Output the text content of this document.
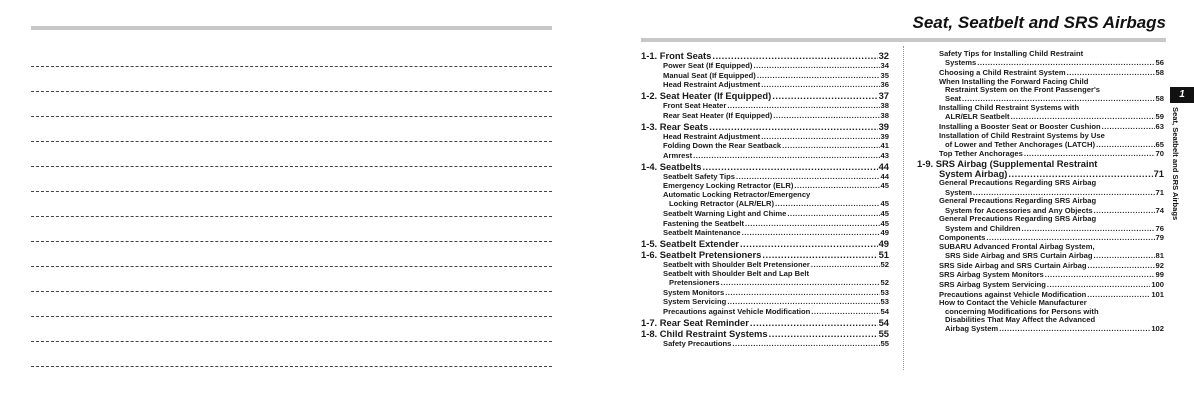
Seat, Seatbelt and SRS Airbags
1-1. Front Seats .....	32
Power Seat (If Equipped) .....	34
Manual Seat (If Equipped) .....	35
Head Restraint Adjustment .....	36
1-2. Seat Heater (If Equipped) .....	37
Front Seat Heater .....	38
Rear Seat Heater (If Equipped) .....	38
1-3. Rear Seats .....	39
Head Restraint Adjustment .....	39
Folding Down the Rear Seatback .....	41
Armrest .....	43
1-4. Seatbelts .....	44
Seatbelt Safety Tips .....	44
Emergency Locking Retractor (ELR) .....	45
Automatic Locking Retractor/Emergency
Locking Retractor (ALR/ELR) .....	45
Seatbelt Warning Light and Chime .....	45
Fastening the Seatbelt .....	45
Seatbelt Maintenance .....	49
1-5. Seatbelt Extender .....	49
1-6. Seatbelt Pretensioners .....	51
Seatbelt with Shoulder Belt Pretensioner .....	52
Seatbelt with Shoulder Belt and Lap Belt
Pretensioners .....	52
System Monitors .....	53
System Servicing .....	53
Precautions against Vehicle Modification .....	54
1-7. Rear Seat Reminder .....	54
1-8. Child Restraint Systems .....	55
Safety Precautions .....	55
Safety Tips for Installing Child Restraint
Systems .....	56
Choosing a Child Restraint System .....	58
When Installing the Forward Facing Child
Restraint System on the Front Passenger's
Seat .....	58
Installing Child Restraint Systems with
ALR/ELR Seatbelt .....	59
Installing a Booster Seat or Booster Cushion .....	63
Installation of Child Restraint Systems by Use
of Lower and Tether Anchorages (LATCH) .....	65
Top Tether Anchorages .....	70
1-9. SRS Airbag (Supplemental Restraint
System Airbag) .....	71
General Precautions Regarding SRS Airbag
System .....	71
General Precautions Regarding SRS Airbag
System for Accessories and Any Objects .....	74
General Precautions Regarding SRS Airbag
System and Children .....	76
Components .....	79
SUBARU Advanced Frontal Airbag System,
SRS Side Airbag and SRS Curtain Airbag .....	81
SRS Side Airbag and SRS Curtain Airbag .....	92
SRS Airbag System Monitors .....	99
SRS Airbag System Servicing .....	100
Precautions against Vehicle Modification .....	101
How to Contact the Vehicle Manufacturer
concerning Modifications for Persons with
Disabilities That May Affect the Advanced
Airbag System .....	102
1
Seat, Seatbelt and SRS Airbags
